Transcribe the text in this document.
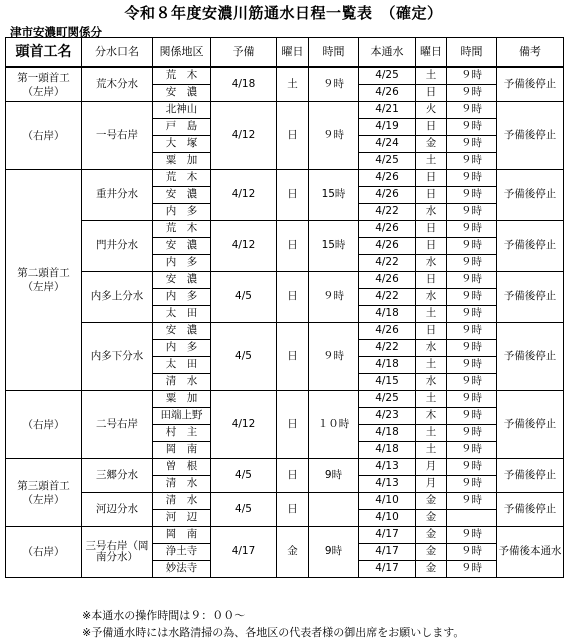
令和８年度安濃川筋通水日程一覧表　（確定）
津市安濃町関係分
頭首工名	分水口名	関係地区	予備	曜日	時間	本通水	曜日	時間	備考

第一頭首工
（左岸）	荒木分水	荒　木	4/18	土	９時	4/25	土	９時	予備後停止
		安　濃				4/26	日	９時	

（右岸）	一号右岸	北神山	4/12	日	９時	4/21	火	９時	予備後停止
		戸　島				4/19	日	９時	
		大　塚				4/24	金	９時	
		粟　加				4/25	土	９時	

第二頭首工
（左岸）	重井分水	荒　木	4/12	日	15時	4/26	日	９時	予備後停止
		安　濃				4/26	日	９時	
		内　多				4/22	水	９時	
	門井分水	荒　木	4/12	日	15時	4/26	日	９時	予備後停止
		安　濃				4/26	日	９時	
		内　多				4/22	水	９時	
	内多上分水	安　濃	4/5	日	９時	4/26	日	９時	予備後停止
		内　多				4/22	水	９時	
		太　田				4/18	土	９時	
	内多下分水	安　濃	4/5	日	９時	4/26	日	９時	予備後停止
		内　多				4/22	水	９時	
		太　田				4/18	土	９時	
		清　水				4/15	水	９時	

（右岸）	二号右岸	粟　加	4/12	日	１０時	4/25	土	９時	予備後停止
		田端上野				4/23	木	９時	
		村　主				4/18	土	９時	
		岡　南				4/18	土	９時	

第三頭首工
（左岸）	三郷分水	曽　根	4/5	日	9時	4/13	月	９時	予備後停止
		清　水				4/13	月	９時	
	河辺分水	清　水	4/5	日		4/10	金	９時	予備後停止
		河　辺				4/10	金		

（右岸）	三号右岸（岡南分水）	岡　南	4/17	金	9時	4/17	金	９時	予備後本通水
		浄土寺				4/17	金	９時	
		妙法寺				4/17	金	９時	
※本通水の操作時間は９：００～
※予備通水時には水路清掃の為、各地区の代表者様の御出席をお願いします。
